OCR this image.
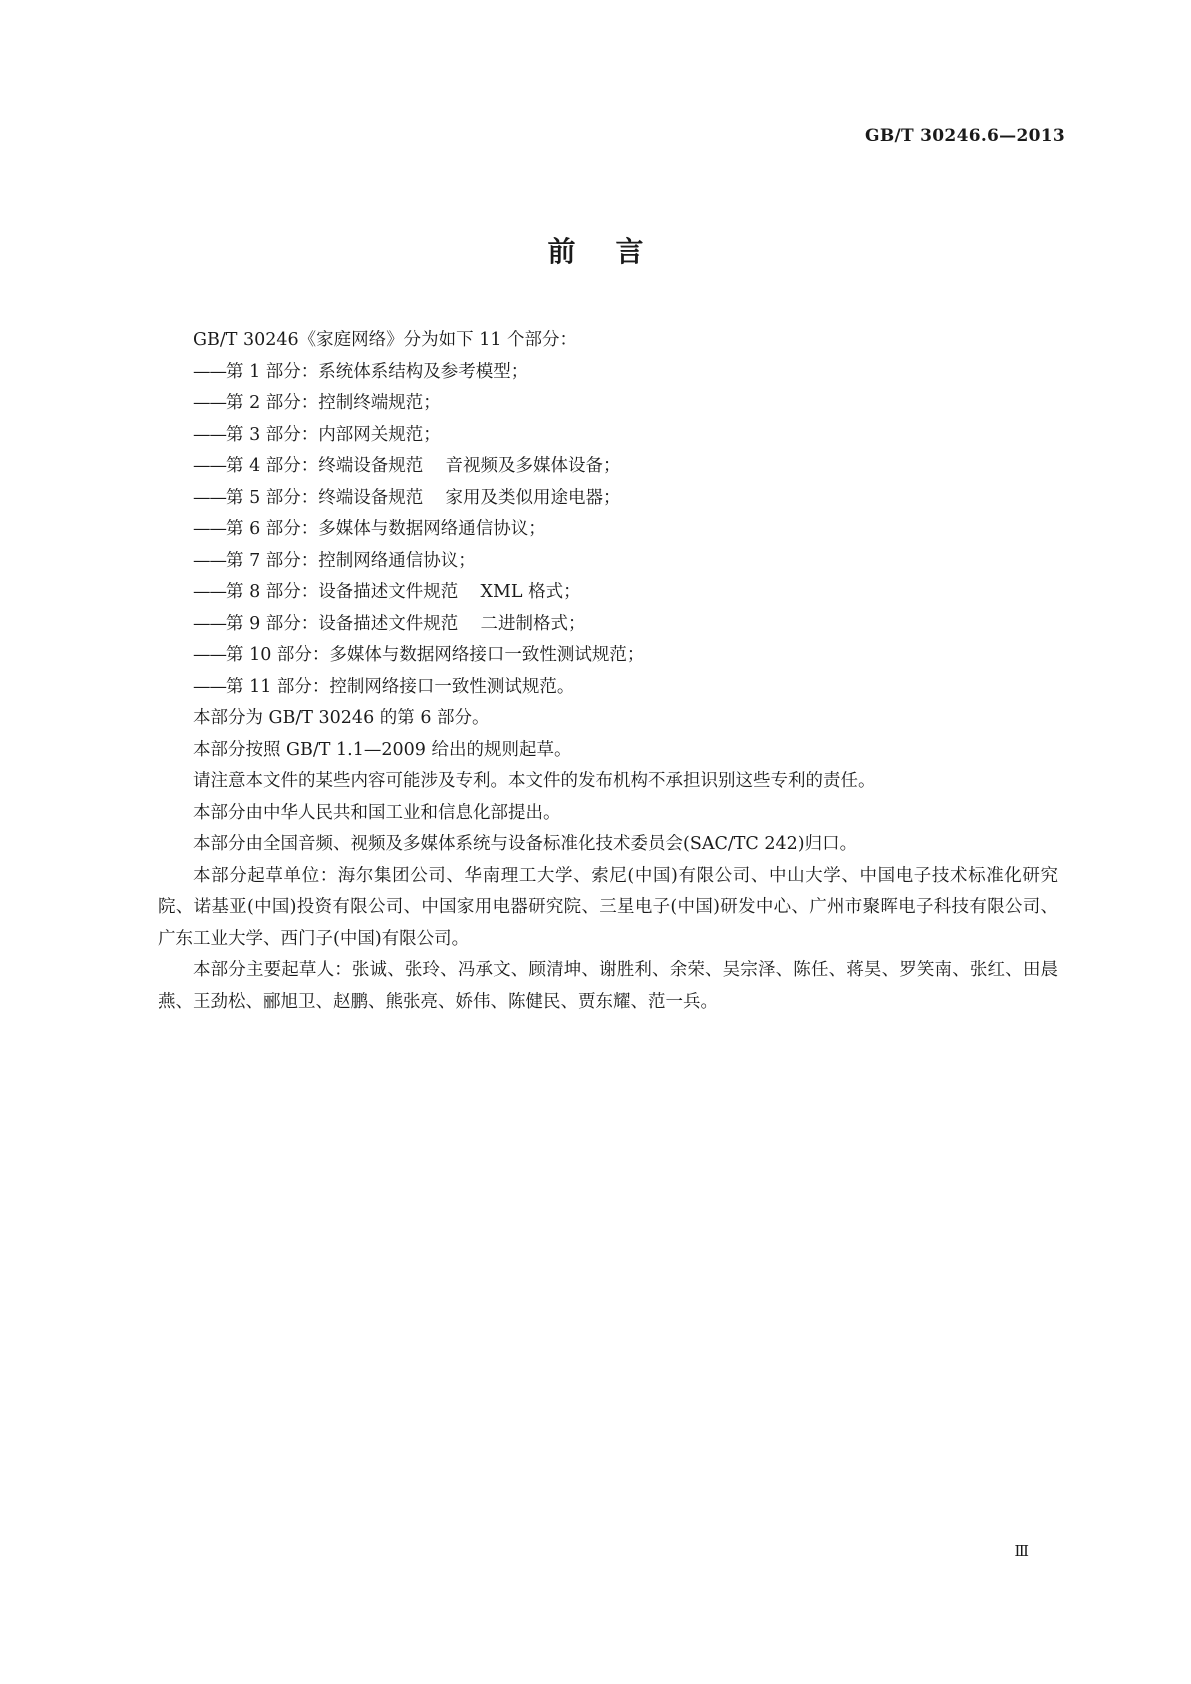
GB/T 30246.6—2013
前言

GB/T 30246《家庭网络》分为如下 11 个部分：

——第 1 部分：系统体系结构及参考模型；
——第 2 部分：控制终端规范；
——第 3 部分：内部网关规范；
——第 4 部分：终端设备规范    音视频及多媒体设备；
——第 5 部分：终端设备规范    家用及类似用途电器；
——第 6 部分：多媒体与数据网络通信协议；
——第 7 部分：控制网络通信协议；
——第 8 部分：设备描述文件规范    XML 格式；
——第 9 部分：设备描述文件规范    二进制格式；
——第 10 部分：多媒体与数据网络接口一致性测试规范；
——第 11 部分：控制网络接口一致性测试规范。

本部分为 GB/T 30246 的第 6 部分。

本部分按照 GB/T 1.1—2009 给出的规则起草。

请注意本文件的某些内容可能涉及专利。本文件的发布机构不承担识别这些专利的责任。

本部分由中华人民共和国工业和信息化部提出。

本部分由全国音频、视频及多媒体系统与设备标准化技术委员会(SAC/TC 242)归口。

本部分起草单位：海尔集团公司、华南理工大学、索尼(中国)有限公司、中山大学、中国电子技术标准化研究院、诺基亚(中国)投资有限公司、中国家用电器研究院、三星电子(中国)研发中心、广州市聚晖电子科技有限公司、广东工业大学、西门子(中国)有限公司。

本部分主要起草人：张诚、张玲、冯承文、顾清坤、谢胜利、余荣、吴宗泽、陈任、蒋昊、罗笑南、张红、田晨燕、王劲松、郦旭卫、赵鹏、熊张亮、娇伟、陈健民、贾东耀、范一兵。

Ⅲ
